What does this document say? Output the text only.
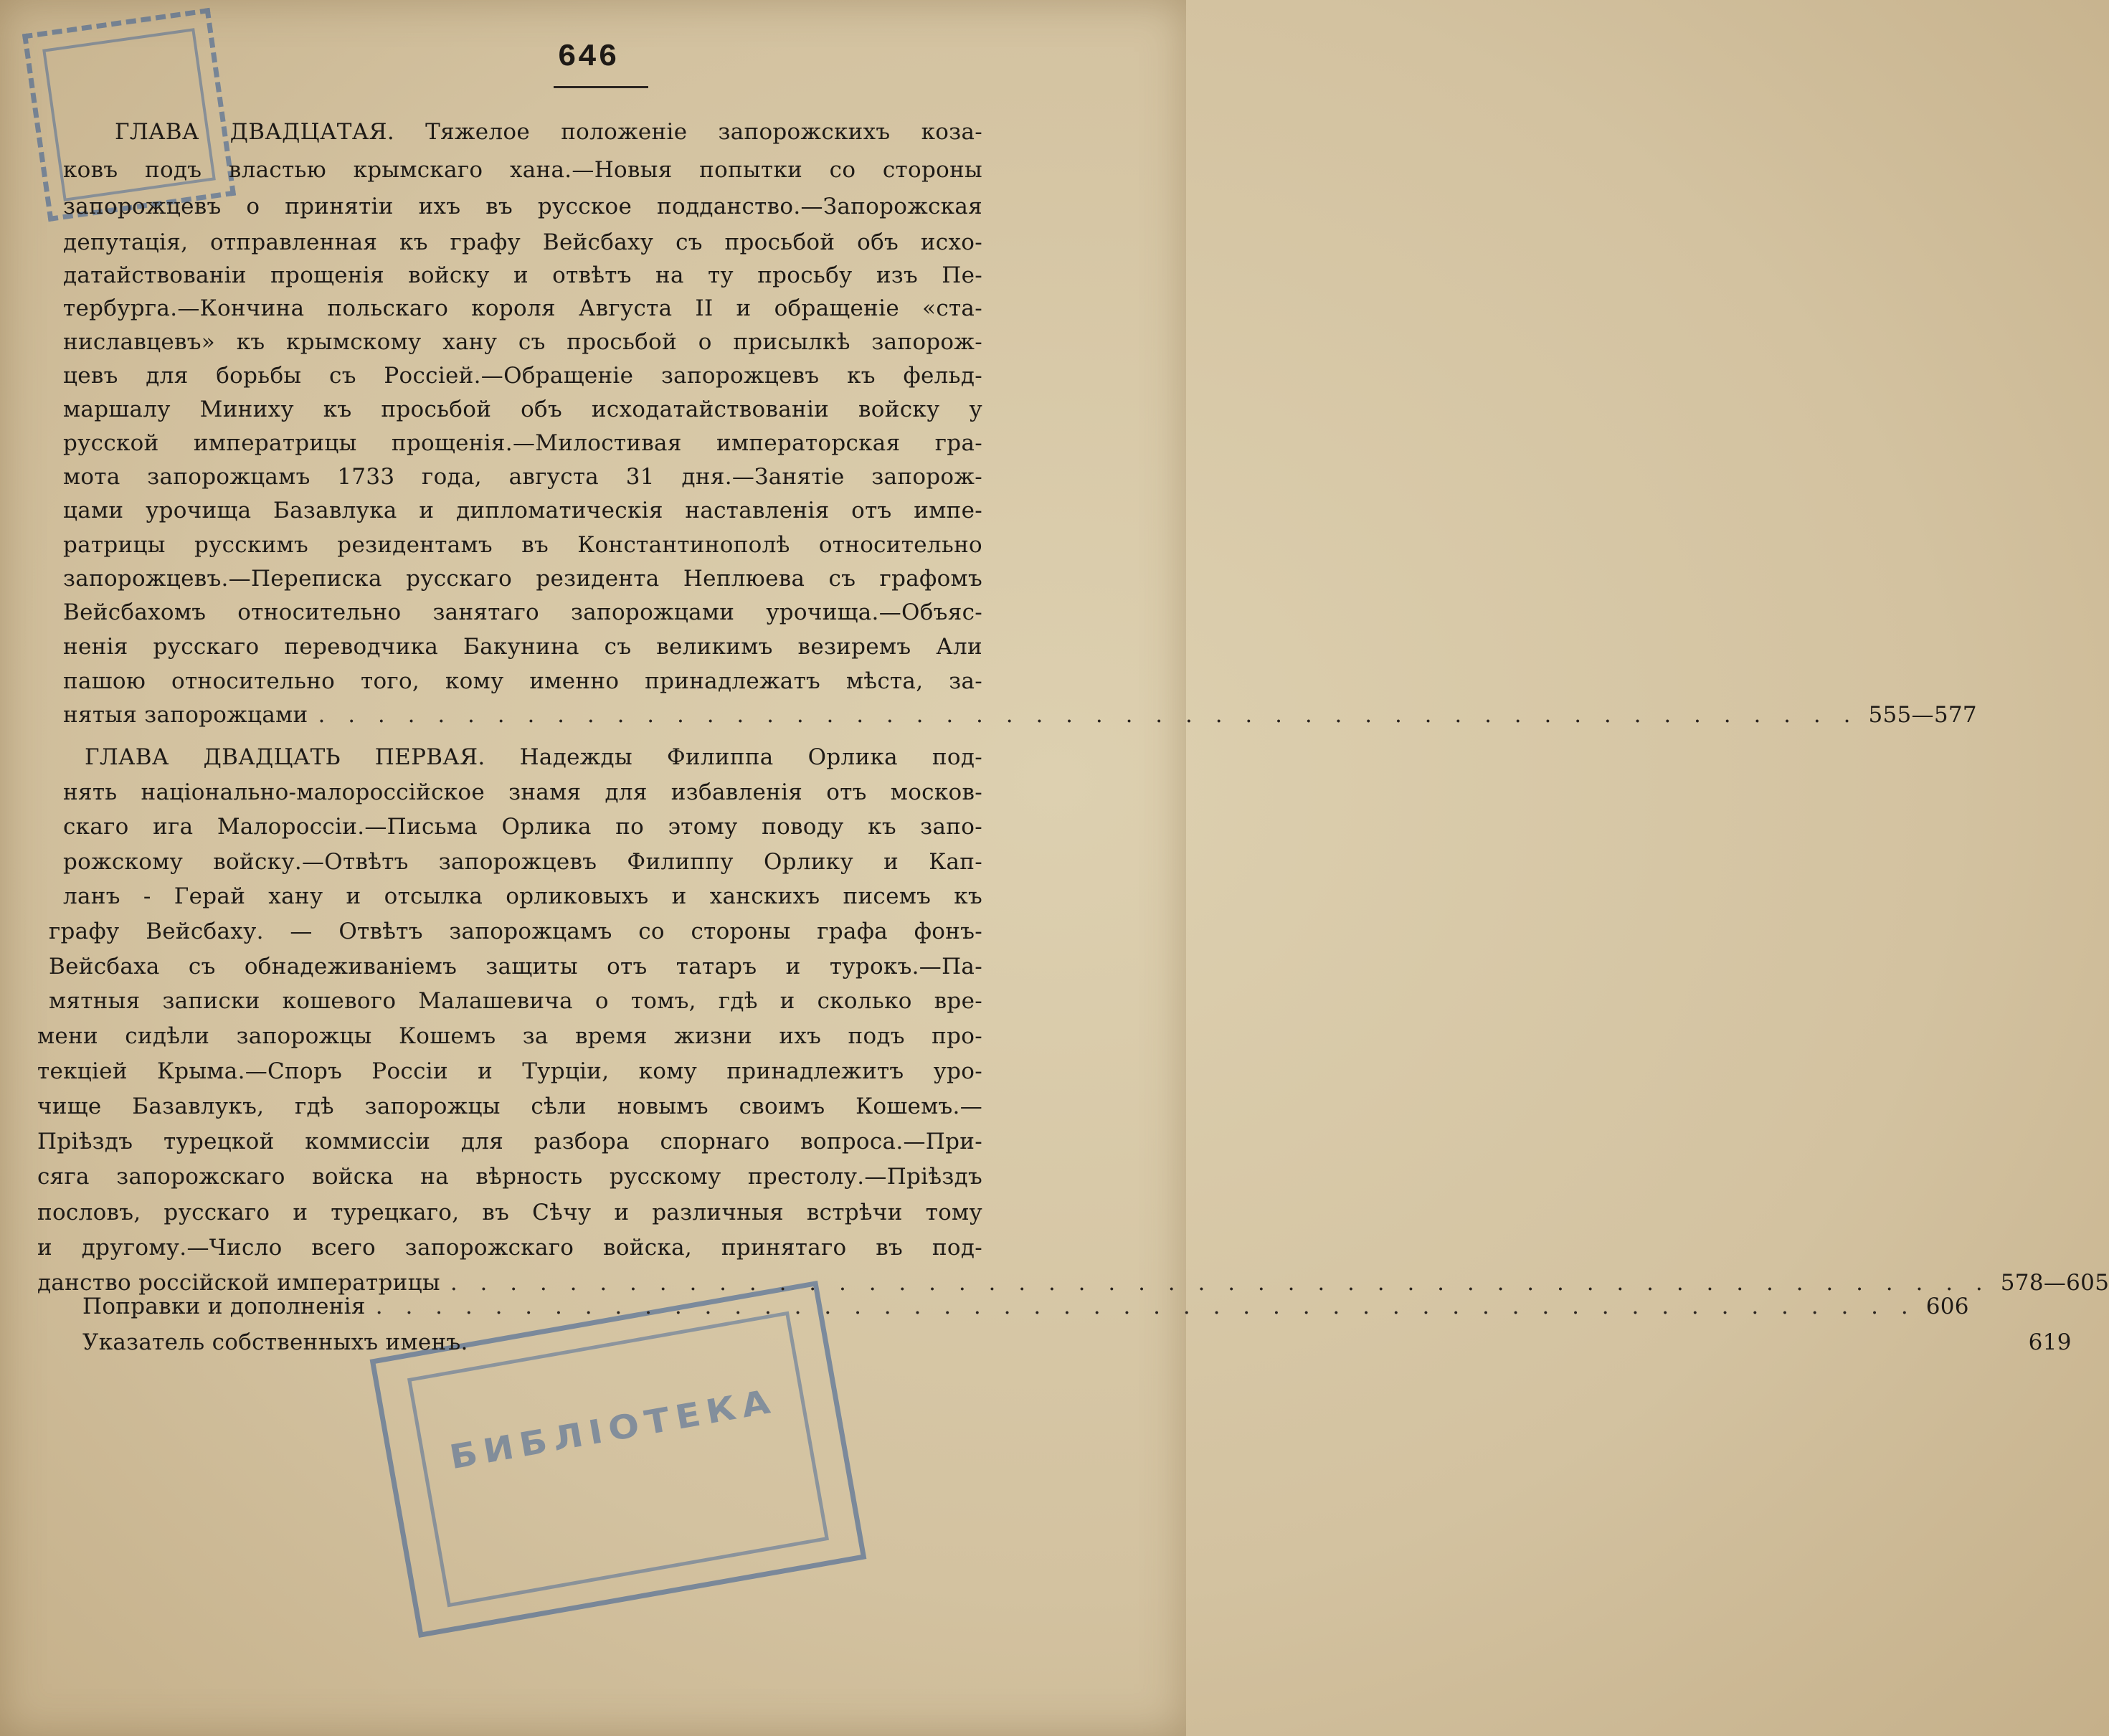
БИБЛІОТЕКА
646
ГЛАВА ДВАДЦАТАЯ. Тяжелое положеніе запорожскихъ коза-
ковъ подъ властью крымскаго хана.—Новыя попытки со стороны
запорожцевъ о принятіи ихъ въ русское подданство.—Запорожская
депутація, отправленная къ графу Вейсбаху съ просьбой объ исхо-
датайствованіи прощенія войску и отвѣтъ на ту просьбу изъ Пе-
тербурга.—Кончина польскаго короля Августа II и обращеніе «ста-
ниславцевъ» къ крымскому хану съ просьбой о присылкѣ запорож-
цевъ для борьбы съ Россіей.—Обращеніе запорожцевъ къ фельд-
маршалу Миниху къ просьбой объ исходатайствованіи войску у
русской императрицы прощенія.—Милостивая императорская гра-
мота запорожцамъ 1733 года, августа 31 дня.—Занятіе запорож-
цами урочища Базавлука и дипломатическія наставленія отъ импе-
ратрицы русскимъ резидентамъ въ Константинополѣ относительно
запорожцевъ.—Переписка русскаго резидента Неплюева съ графомъ
Вейсбахомъ относительно занятаго запорожцами урочища.—Объяс-
ненія русскаго переводчика Бакунина съ великимъ везиремъ Али
пашою относительно того, кому именно принадлежатъ мѣста, за-
нятыя запорожцами . . . . . . . . . . . . . . . . . . . . . . . . . . . . . . . . . . . . . . . . . . . . . . . . . . . . 555—577
ГЛАВА ДВАДЦАТЬ ПЕРВАЯ. Надежды Филиппа Орлика под-
нять національно-малороссійское знамя для избавленія отъ москов-
скаго ига Малороссіи.—Письма Орлика по этому поводу къ запо-
рожскому войску.—Отвѣтъ запорожцевъ Филиппу Орлику и Кап-
ланъ - Герай хану и отсылка орликовыхъ и ханскихъ писемъ къ
графу Вейсбаху. — Отвѣтъ запорожцамъ со стороны графа фонъ-
Вейсбаха съ обнадеживаніемъ защиты отъ татаръ и турокъ.—Па-
мятныя записки кошевого Малашевича о томъ, гдѣ и сколько вре-
мени сидѣли запорожцы Кошемъ за время жизни ихъ подъ про-
текціей Крыма.—Споръ Россіи и Турціи, кому принадлежитъ уро-
чище Базавлукъ, гдѣ запорожцы сѣли новымъ своимъ Кошемъ.—
Пріѣздъ турецкой коммиссіи для разбора спорнаго вопроса.—При-
сяга запорожскаго войска на вѣрность русскому престолу.—Пріѣздъ
пословъ, русскаго и турецкаго, въ Сѣчу и различныя встрѣчи тому
и другому.—Число всего запорожскаго войска, принятаго въ под-
данство россійской императрицы . . . . . . . . . . . . . . . . . . . . . . . . . . . . . . . . . . . . . . . . . . . . . . . . . . . . 578—605
Поправки и дополненія . . . . . . . . . . . . . . . . . . . . . . . . . . . . . . . . . . . . . . . . . . . . . . . . . . . . 606
Указатель собственныхъ именъ.	619
